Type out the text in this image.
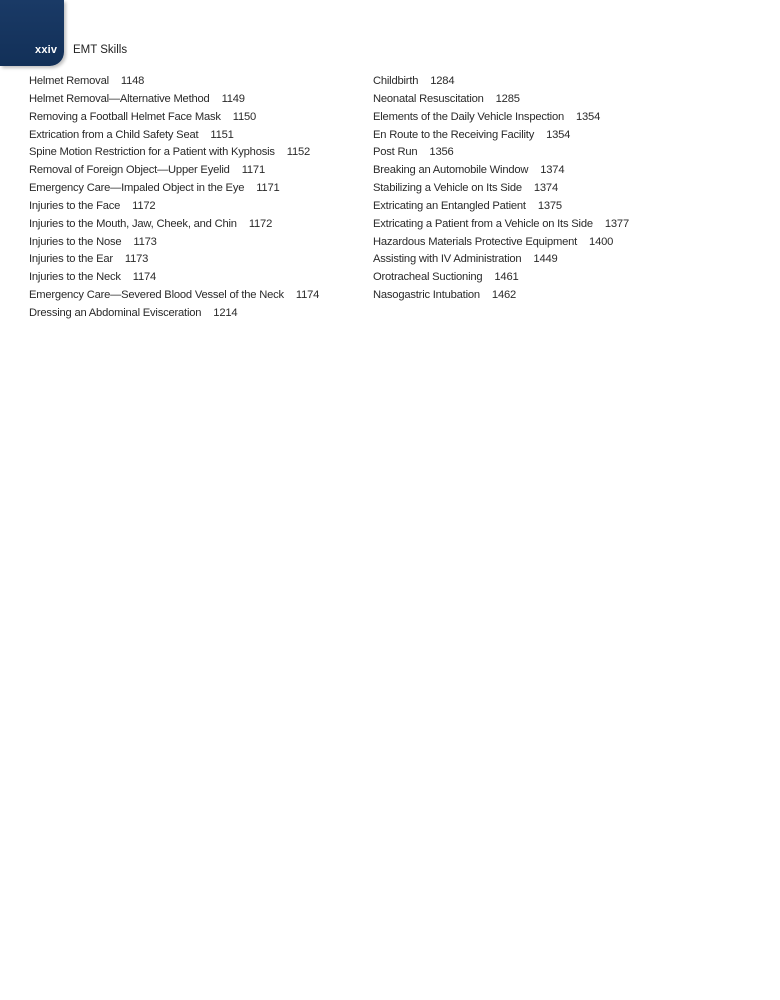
xxiv EMT Skills
Helmet Removal 1148
Helmet Removal—Alternative Method 1149
Removing a Football Helmet Face Mask 1150
Extrication from a Child Safety Seat 1151
Spine Motion Restriction for a Patient with Kyphosis 1152
Removal of Foreign Object—Upper Eyelid 1171
Emergency Care—Impaled Object in the Eye 1171
Injuries to the Face 1172
Injuries to the Mouth, Jaw, Cheek, and Chin 1172
Injuries to the Nose 1173
Injuries to the Ear 1173
Injuries to the Neck 1174
Emergency Care—Severed Blood Vessel of the Neck 1174
Dressing an Abdominal Evisceration 1214
Childbirth 1284
Neonatal Resuscitation 1285
Elements of the Daily Vehicle Inspection 1354
En Route to the Receiving Facility 1354
Post Run 1356
Breaking an Automobile Window 1374
Stabilizing a Vehicle on Its Side 1374
Extricating an Entangled Patient 1375
Extricating a Patient from a Vehicle on Its Side 1377
Hazardous Materials Protective Equipment 1400
Assisting with IV Administration 1449
Orotracheal Suctioning 1461
Nasogastric Intubation 1462
